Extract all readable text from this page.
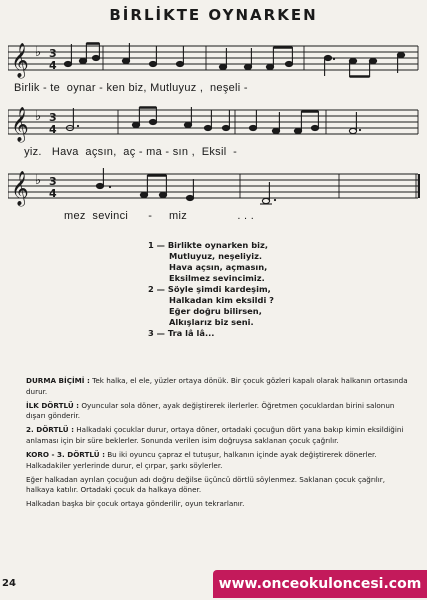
BİRLİKTE OYNARKEN
𝄞 ♭ 3
4
Birlik - te  oynar - ken biz, Mutluyuz ,  neşeli -
𝄞 ♭ 3
4
yiz.   Hava  açsın,  aç - ma - sın ,  Eksil  -
𝄞 ♭ 3
4
mez  sevinci      -     miz               . . .
1 — Birlikte oynarken biz,
Mutluyuz, neşeliyiz.
Hava açsın, açmasın,
Eksilmez sevincimiz.
2 — Söyle şimdi kardeşim,
Halkadan kim eksildi ?
Eğer doğru bilirsen,
Alkışlarız biz seni.
3 — Tra lâ lâ...

DURMA BİÇİMİ : Tek halka, el ele, yüzler ortaya dönük. Bir çocuk gözleri kapalı olarak halkanın ortasında durur.

İLK DÖRTLÜ : Oyuncular sola döner, ayak değiştirerek ilerlerler. Öğretmen çocuklardan birini salonun dışarı gönderir.

2. DÖRTLÜ : Halkadaki çocuklar durur, ortaya döner, ortadaki çocuğun dört yana bakıp kimin eksildiğini anlaması için bir süre beklerler. Sonunda verilen isim doğruysa saklanan çocuk çağrılır.

KORO - 3. DÖRTLÜ : Bu iki oyuncu çapraz el tutuşur, halkanın içinde ayak değiştirerek dönerler. Halkadakiler yerlerinde durur, el çırpar, şarkı söylerler.

Eğer halkadan ayrılan çocuğun adı doğru değilse üçüncü dörtlü söylenmez. Saklanan çocuk çağrılır, halkaya katılır. Ortadaki çocuk da halkaya döner.

Halkadan başka bir çocuk ortaya gönderilir, oyun tekrarlanır.

24	www.onceokuloncesi.com
